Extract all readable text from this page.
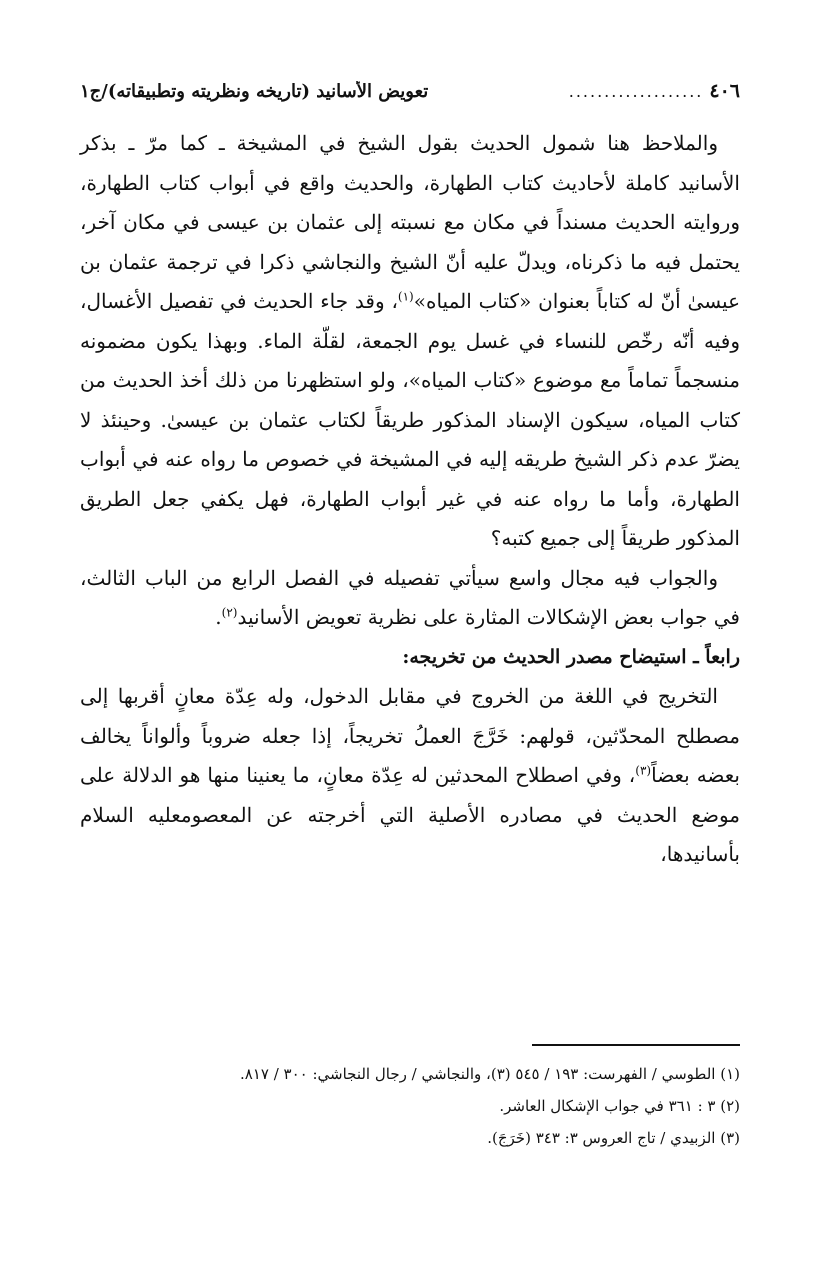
٤٠٦
...................
تعويض الأسانيد (تاريخه ونظريته وتطبيقاته)/ج١

والملاحظ هنا شمول الحديث بقول الشيخ في المشيخة ـ كما مرّ ـ بذكر الأسانيد كاملة لأحاديث كتاب الطهارة، والحديث واقع في أبواب كتاب الطهارة، وروايته الحديث مسنداً في مكان مع نسبته إلى عثمان بن عيسى في مكان آخر، يحتمل فيه ما ذكرناه، ويدلّ عليه أنّ الشيخ والنجاشي ذكرا في ترجمة عثمان بن عيسىٰ أنّ له كتاباً بعنوان «كتاب المياه»$^{(١)}$، وقد جاء الحديث في تفصيل الأغسال، وفيه أنّه رخّص للنساء في غسل يوم الجمعة، لقلّة الماء. وبهذا يكون مضمونه منسجماً تماماً مع موضوع «كتاب المياه»، ولو استظهرنا من ذلك أخذ الحديث من كتاب المياه، سيكون الإسناد المذكور طريقاً لكتاب عثمان بن عيسىٰ. وحينئذ لا يضرّ عدم ذكر الشيخ طريقه إليه في المشيخة في خصوص ما رواه عنه في أبواب الطهارة، وأما ما رواه عنه في غير أبواب الطهارة، فهل يكفي جعل الطريق المذكور طريقاً إلى جميع كتبه؟

والجواب فيه مجال واسع سيأتي تفصيله في الفصل الرابع من الباب الثالث، في جواب بعض الإشكالات المثارة على نظرية تعويض الأسانيد$^{(٢)}$.

رابعاً ـ استيضاح مصدر الحديث من تخريجه:

التخريج في اللغة من الخروج في مقابل الدخول، وله عِدّة معانٍ أقربها إلى مصطلح المحدّثين، قولهم: خَرَّجَ العملُ تخريجاً، إذا جعله ضروباً وألواناً يخالف بعضه بعضاً$^{(٣)}$، وفي اصطلاح المحدثين له عِدّة معانٍ، ما يعنينا منها هو الدلالة على موضع الحديث في مصادره الأصلية التي أخرجته عن المعصومعليه السلام بأسانيدها،

(١) الطوسي / الفهرست: ١٩٣ / ٥٤٥ (٣)، والنجاشي / رجال النجاشي: ٣٠٠ / ٨١٧.
(٢) ٣ : ٣٦١ في جواب الإشكال العاشر.
(٣) الزبيدي / تاج العروس ٣: ٣٤٣ (خَرَجَ).
